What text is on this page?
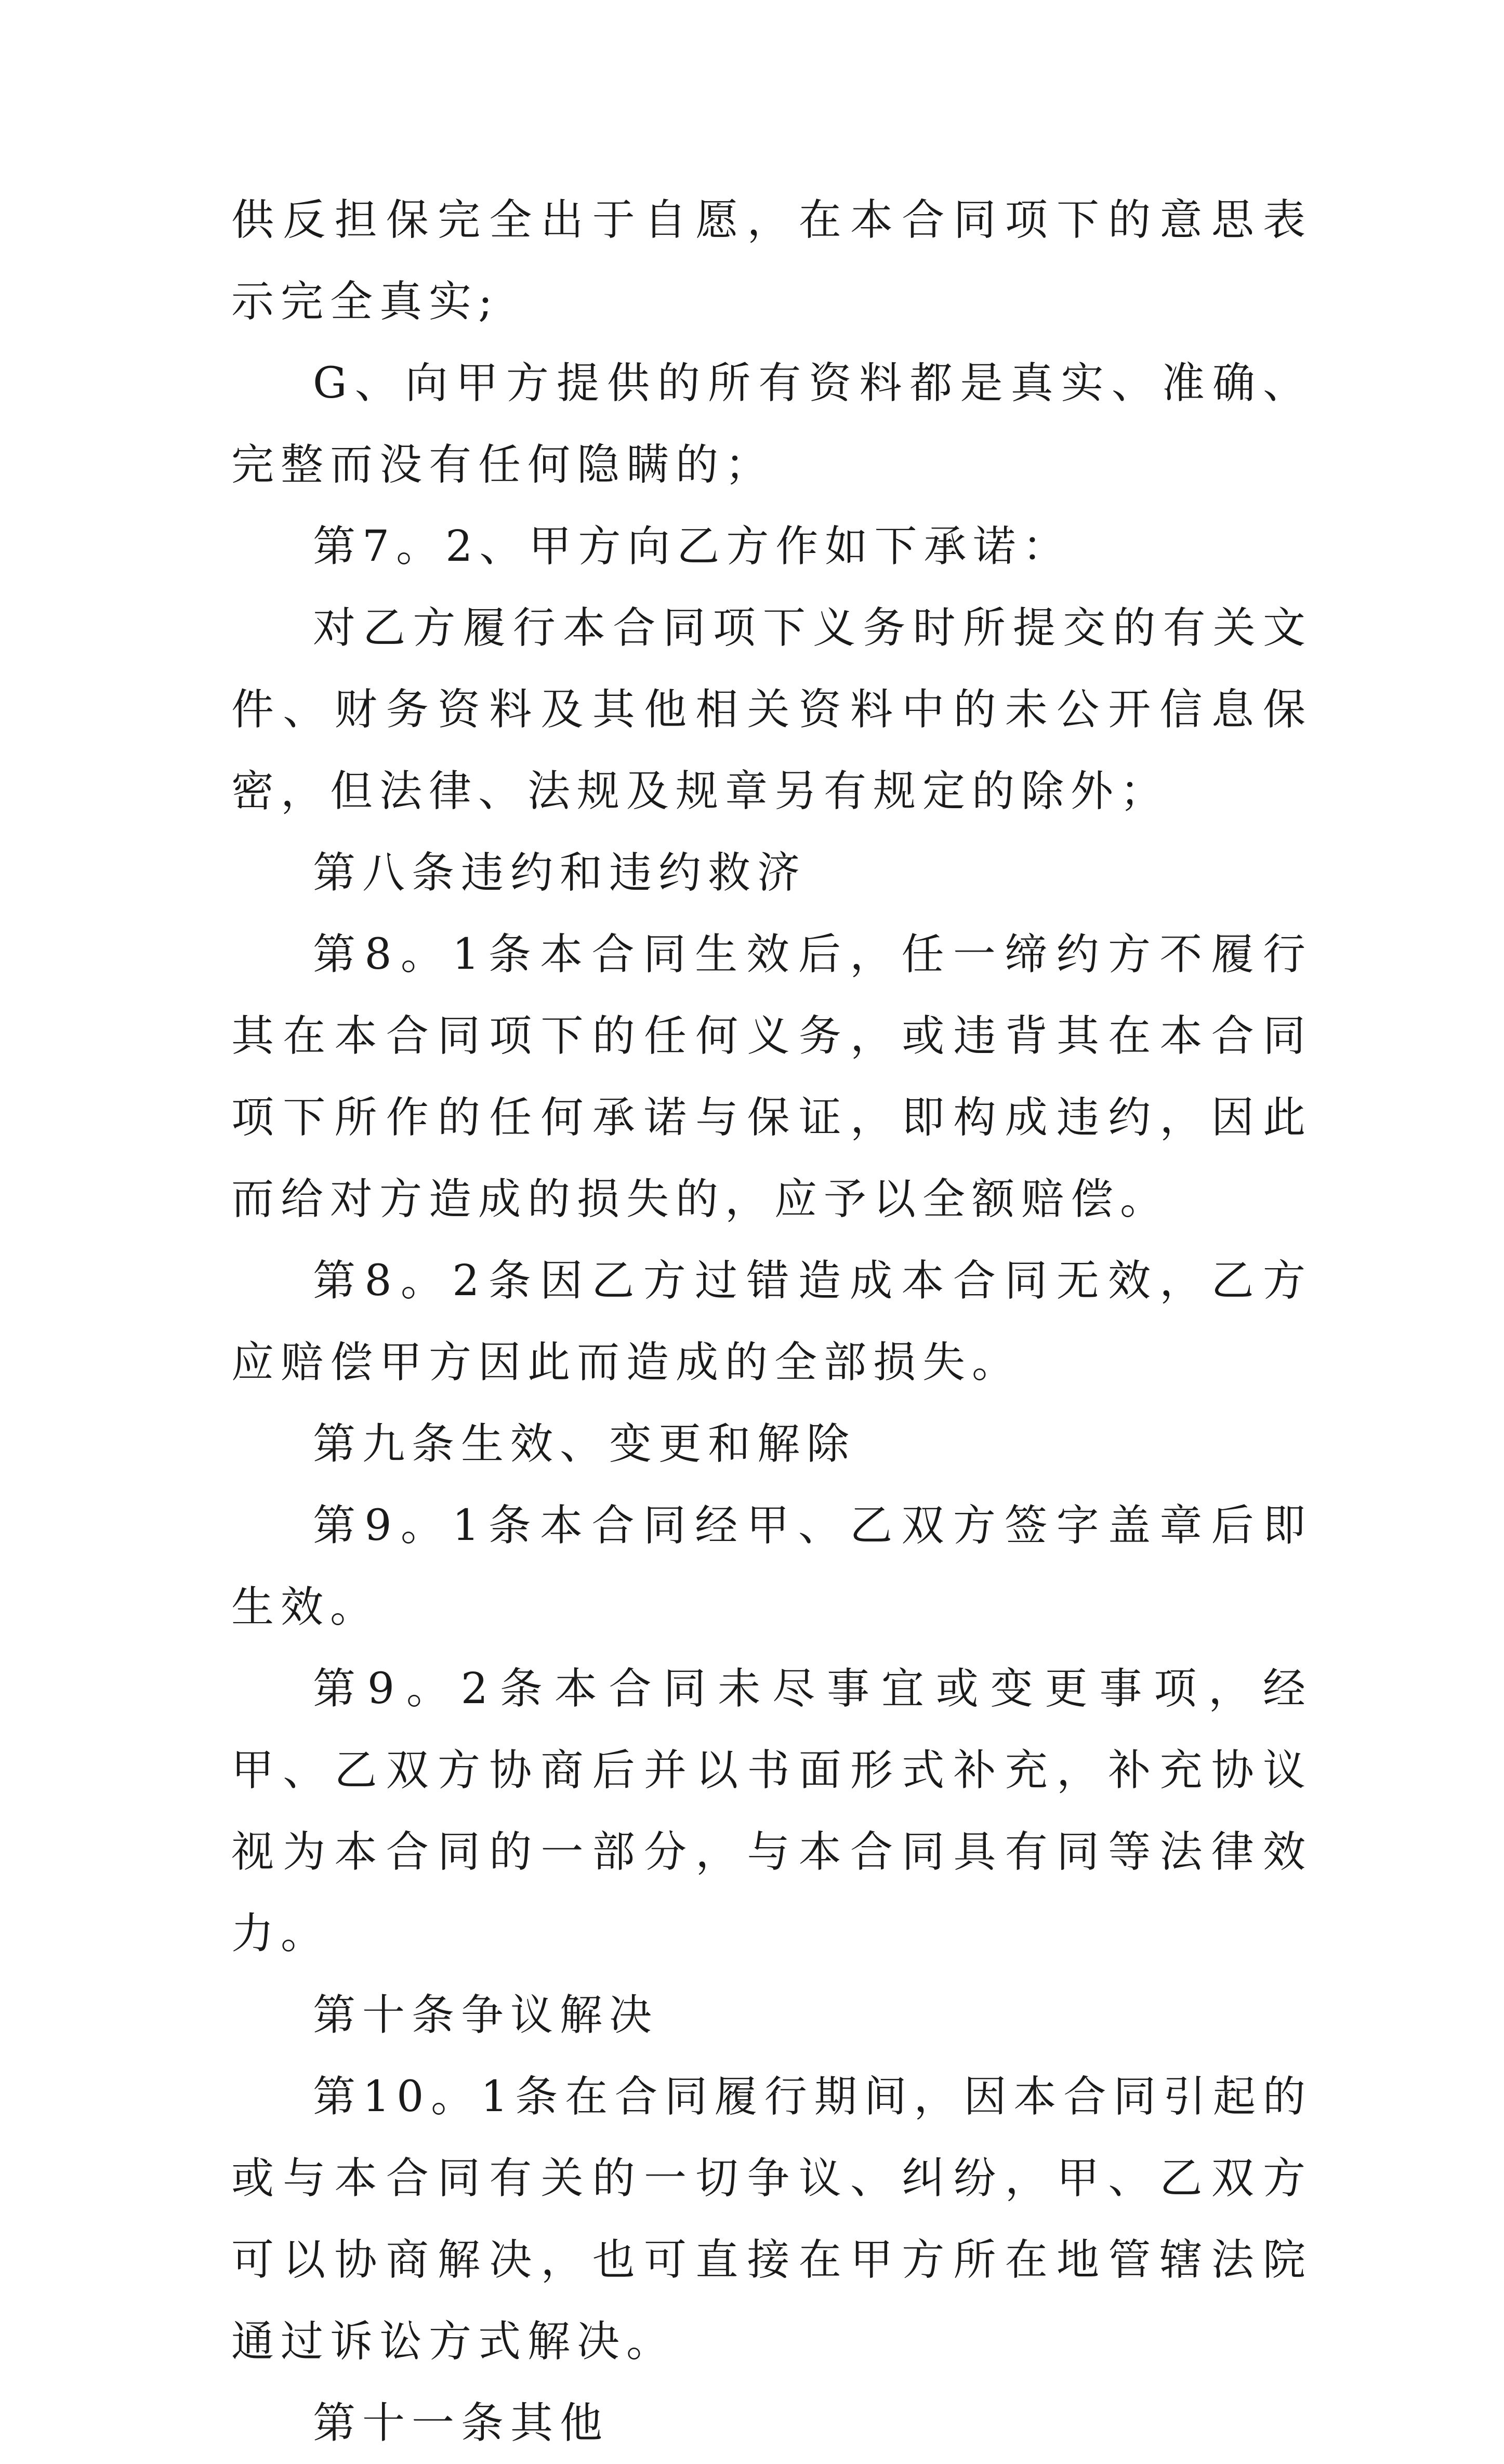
供反担保完全出于自愿，在本合同项下的意思表示完全真实;

G、向甲方提供的所有资料都是真实、准确、完整而没有任何隐瞒的；

第7。2、甲方向乙方作如下承诺：

对乙方履行本合同项下义务时所提交的有关文件、财务资料及其他相关资料中的未公开信息保密，但法律、法规及规章另有规定的除外；

第八条违约和违约救济

第8。1条本合同生效后，任一缔约方不履行其在本合同项下的任何义务，或违背其在本合同项下所作的任何承诺与保证，即构成违约，因此而给对方造成的损失的，应予以全额赔偿。

第8。2条因乙方过错造成本合同无效，乙方应赔偿甲方因此而造成的全部损失。

第九条生效、变更和解除

第9。1条本合同经甲、乙双方签字盖章后即生效。

第9。2条本合同未尽事宜或变更事项，经甲、乙双方协商后并以书面形式补充，补充协议视为本合同的一部分，与本合同具有同等法律效力。

第十条争议解决

第10。1条在合同履行期间，因本合同引起的或与本合同有关的一切争议、纠纷，甲、乙双方可以协商解决，也可直接在甲方所在地管辖法院通过诉讼方式解决。

第十一条其他
